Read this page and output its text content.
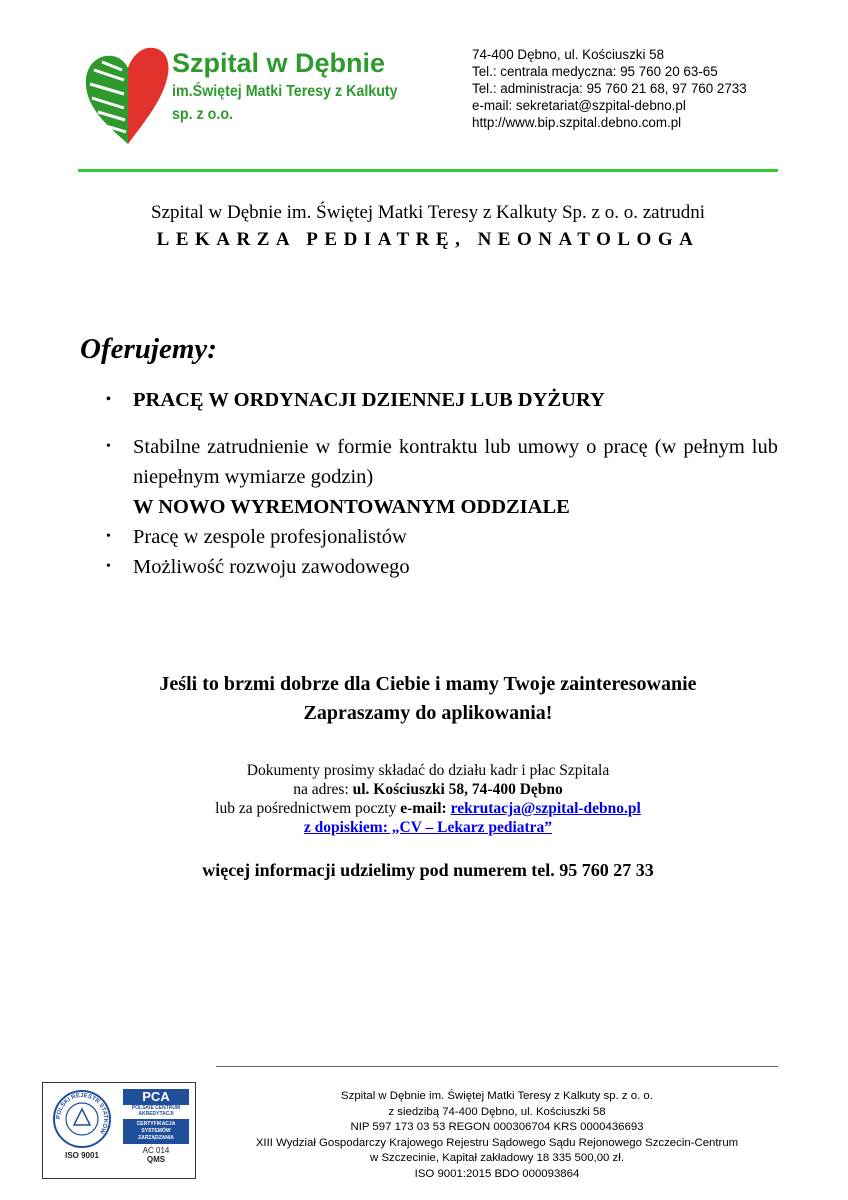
Szpital w Dębnie
im.Świętej Matki Teresy z Kalkuty
sp. z o.o.
74-400 Dębno, ul. Kościuszki 58
Tel.: centrala medyczna: 95 760 20 63-65
Tel.: administracja: 95 760 21 68, 97 760 2733
e-mail: sekretariat@szpital-debno.pl
http://www.bip.szpital.debno.com.pl
Szpital w Dębnie im. Świętej Matki Teresy z Kalkuty Sp. z o. o. zatrudni
LEKARZA PEDIATRĘ, NEONATOLOGA
Oferujemy:
• PRACĘ W ORDYNACJI DZIENNEJ LUB DYŻURY
• Stabilne zatrudnienie w formie kontraktu lub umowy o pracę (w pełnym lub niepełnym wymiarze godzin)
W NOWO WYREMONTOWANYM ODDZIALE
• Pracę w zespole profesjonalistów
• Możliwość rozwoju zawodowego
Jeśli to brzmi dobrze dla Ciebie i mamy Twoje zainteresowanie
Zapraszamy do aplikowania!
Dokumenty prosimy składać do działu kadr i płac Szpitala
na adres: ul. Kościuszki 58, 74-400 Dębno
lub za pośrednictwem poczty e-mail: rekrutacja@szpital-debno.pl
z dopiskiem: „CV – Lekarz pediatra”
więcej informacji udzielimy pod numerem tel. 95 760 27 33
POLSKI REJESTR STATKÓW
ISO 9001
PCA
POLSKIE CENTRUM
AKREDYTACJI
CERTYFIKACJA SYSTEMÓW ZARZĄDZANIA
AC 014
QMS
Szpital w Dębnie im. Świętej Matki Teresy z Kalkuty sp. z o. o.
z siedzibą 74-400 Dębno, ul. Kościuszki 58
NIP 597 173 03 53 REGON 000306704 KRS 0000436693
XIII Wydział Gospodarczy Krajowego Rejestru Sądowego Sądu Rejonowego Szczecin-Centrum
w Szczecinie, Kapitał zakładowy 18 335 500,00 zł.
ISO 9001:2015 BDO 000093864
